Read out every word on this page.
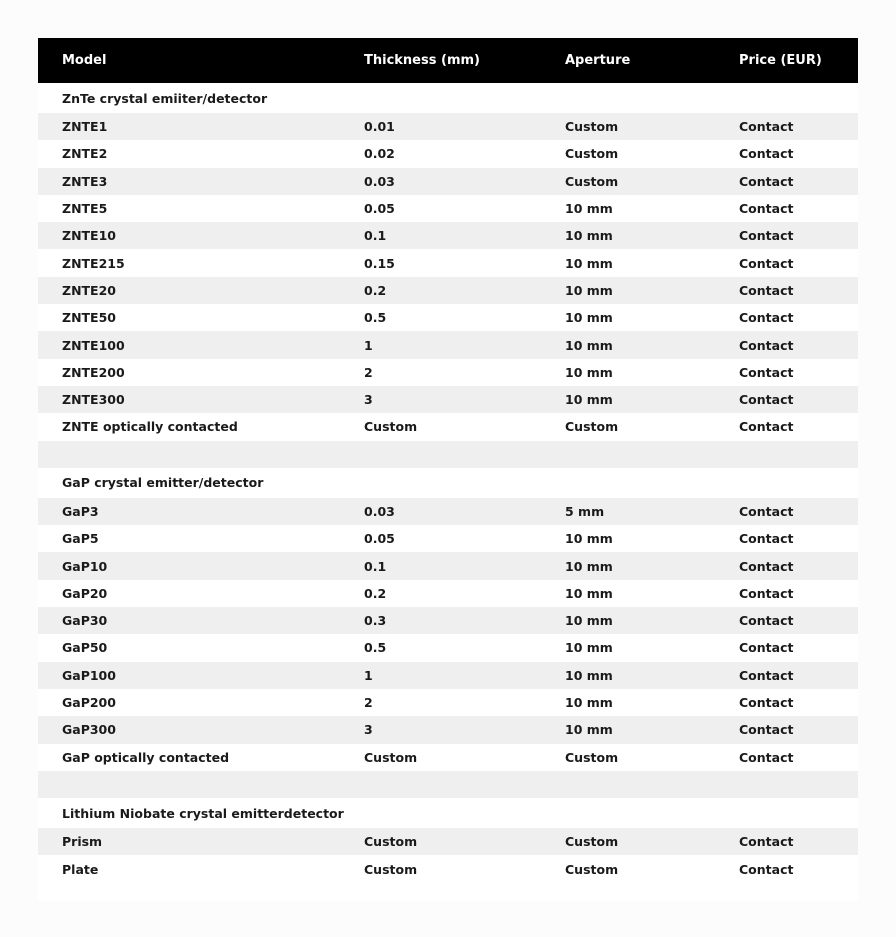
Model	Thickness (mm)	Aperture	Price (EUR)
ZnTe crystal emiiter/detector
ZNTE1	0.01	Custom	Contact
ZNTE2	0.02	Custom	Contact
ZNTE3	0.03	Custom	Contact
ZNTE5	0.05	10 mm	Contact
ZNTE10	0.1	10 mm	Contact
ZNTE215	0.15	10 mm	Contact
ZNTE20	0.2	10 mm	Contact
ZNTE50	0.5	10 mm	Contact
ZNTE100	1	10 mm	Contact
ZNTE200	2	10 mm	Contact
ZNTE300	3	10 mm	Contact
ZNTE optically contacted	Custom	Custom	Contact
GaP crystal emitter/detector
GaP3	0.03	5 mm	Contact
GaP5	0.05	10 mm	Contact
GaP10	0.1	10 mm	Contact
GaP20	0.2	10 mm	Contact
GaP30	0.3	10 mm	Contact
GaP50	0.5	10 mm	Contact
GaP100	1	10 mm	Contact
GaP200	2	10 mm	Contact
GaP300	3	10 mm	Contact
GaP optically contacted	Custom	Custom	Contact
Lithium Niobate crystal emitterdetector
Prism	Custom	Custom	Contact
Plate	Custom	Custom	Contact
